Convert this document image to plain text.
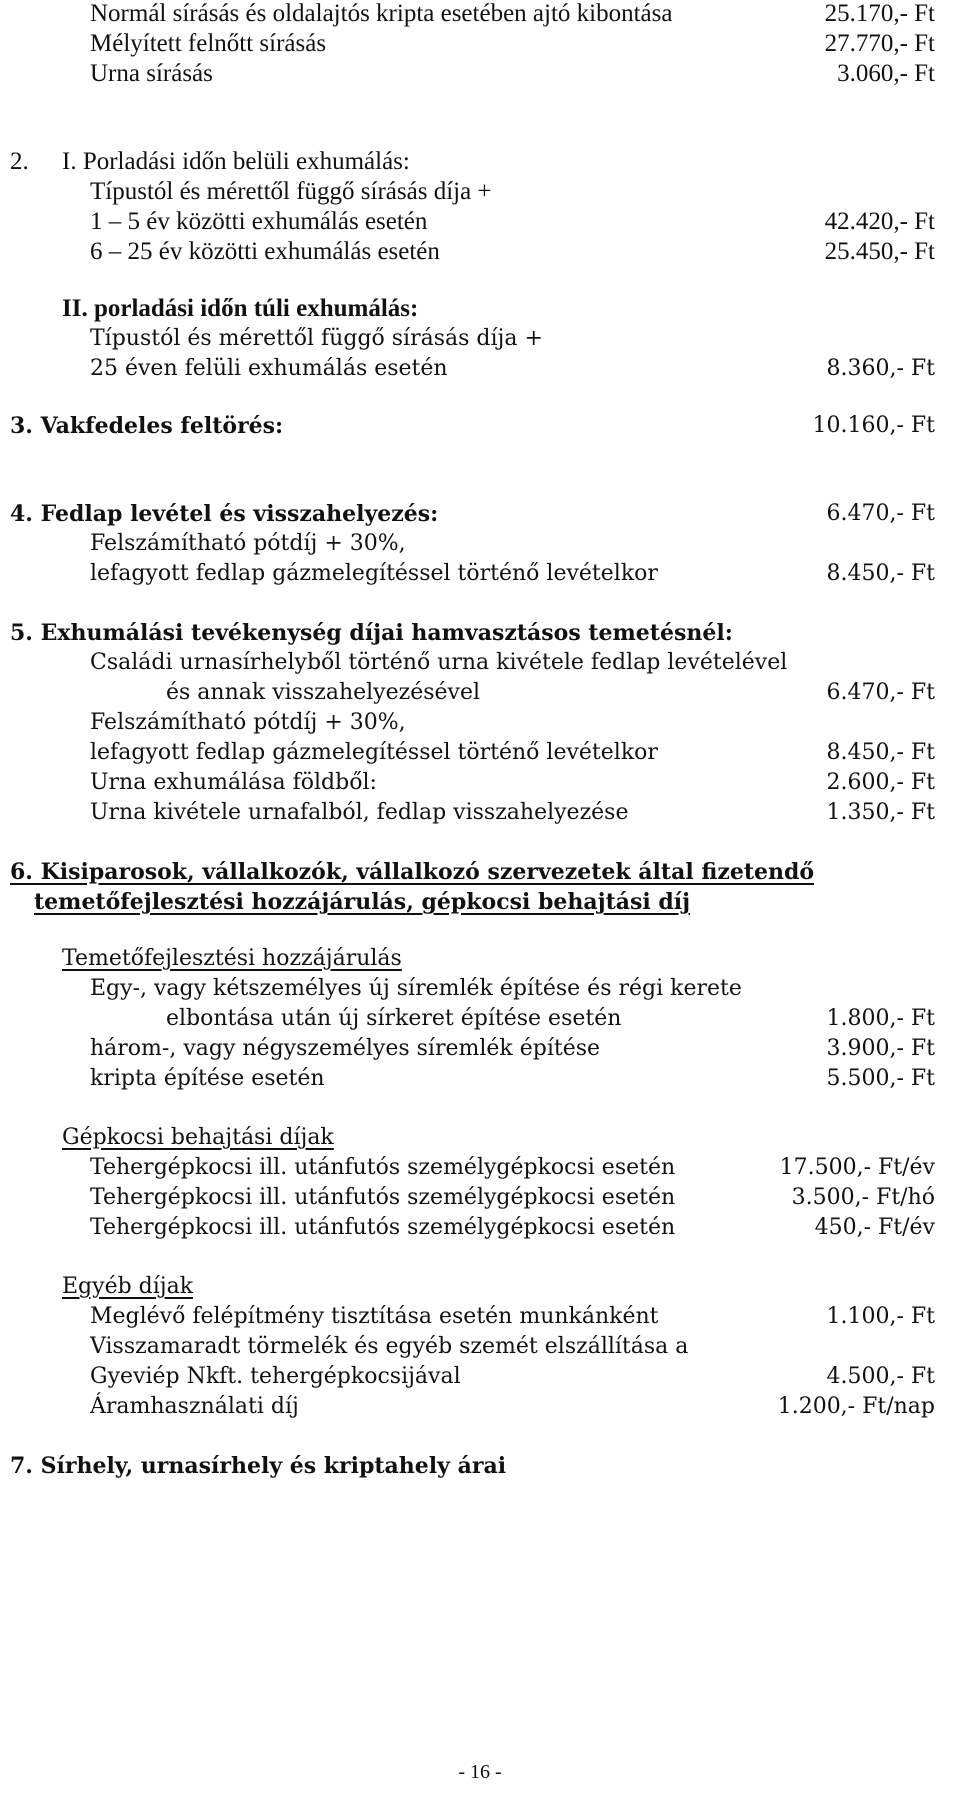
Normál sírásás és oldalajtós kripta esetében ajtó kibontása	25.170,- Ft
Mélyített felnőtt sírásás	27.770,- Ft
Urna sírásás	3.060,- Ft
2. I. Porladási időn belüli exhumálás:
Típustól és mérettől függő sírásás díja +
1 – 5 év közötti exhumálás esetén	42.420,- Ft
6 – 25 év közötti exhumálás esetén	25.450,- Ft
II. porladási időn túli exhumálás:
Típustól és mérettől függő sírásás díja +
25 éven felüli exhumálás esetén	8.360,- Ft
3. Vakfedeles feltörés:	10.160,- Ft
4. Fedlap levétel és visszahelyezés:	6.470,- Ft
Felszámítható pótdíj + 30%,
lefagyott fedlap gázmelegítéssel történő levételkor	8.450,- Ft
5. Exhumálási tevékenység díjai hamvasztásos temetésnél:
Családi urnasírhelyből történő urna kivétele fedlap levételével
és annak visszahelyezésével	6.470,- Ft
Felszámítható pótdíj + 30%,
lefagyott fedlap gázmelegítéssel történő levételkor	8.450,- Ft
Urna exhumálása földből:	2.600,- Ft
Urna kivétele urnafalból, fedlap visszahelyezése	1.350,- Ft
6. Kisiparosok, vállalkozók, vállalkozó szervezetek által fizetendő
temetőfejlesztési hozzájárulás, gépkocsi behajtási díj
Temetőfejlesztési hozzájárulás
Egy-, vagy kétszemélyes új síremlék építése és régi kerete
elbontása után új sírkeret építése esetén	1.800,- Ft
három-, vagy négyszemélyes síremlék építése	3.900,- Ft
kripta építése esetén	5.500,- Ft
Gépkocsi behajtási díjak
Tehergépkocsi ill. utánfutós személygépkocsi esetén	17.500,- Ft/év
Tehergépkocsi ill. utánfutós személygépkocsi esetén	3.500,- Ft/hó
Tehergépkocsi ill. utánfutós személygépkocsi esetén	450,- Ft/év
Egyéb díjak
Meglévő felépítmény tisztítása esetén munkánként	1.100,- Ft
Visszamaradt törmelék és egyéb szemét elszállítása a
Gyeviép Nkft. tehergépkocsijával	4.500,- Ft
Áramhasználati díj	1.200,- Ft/nap
7. Sírhely, urnasírhely és kriptahely árai
- 16 -
